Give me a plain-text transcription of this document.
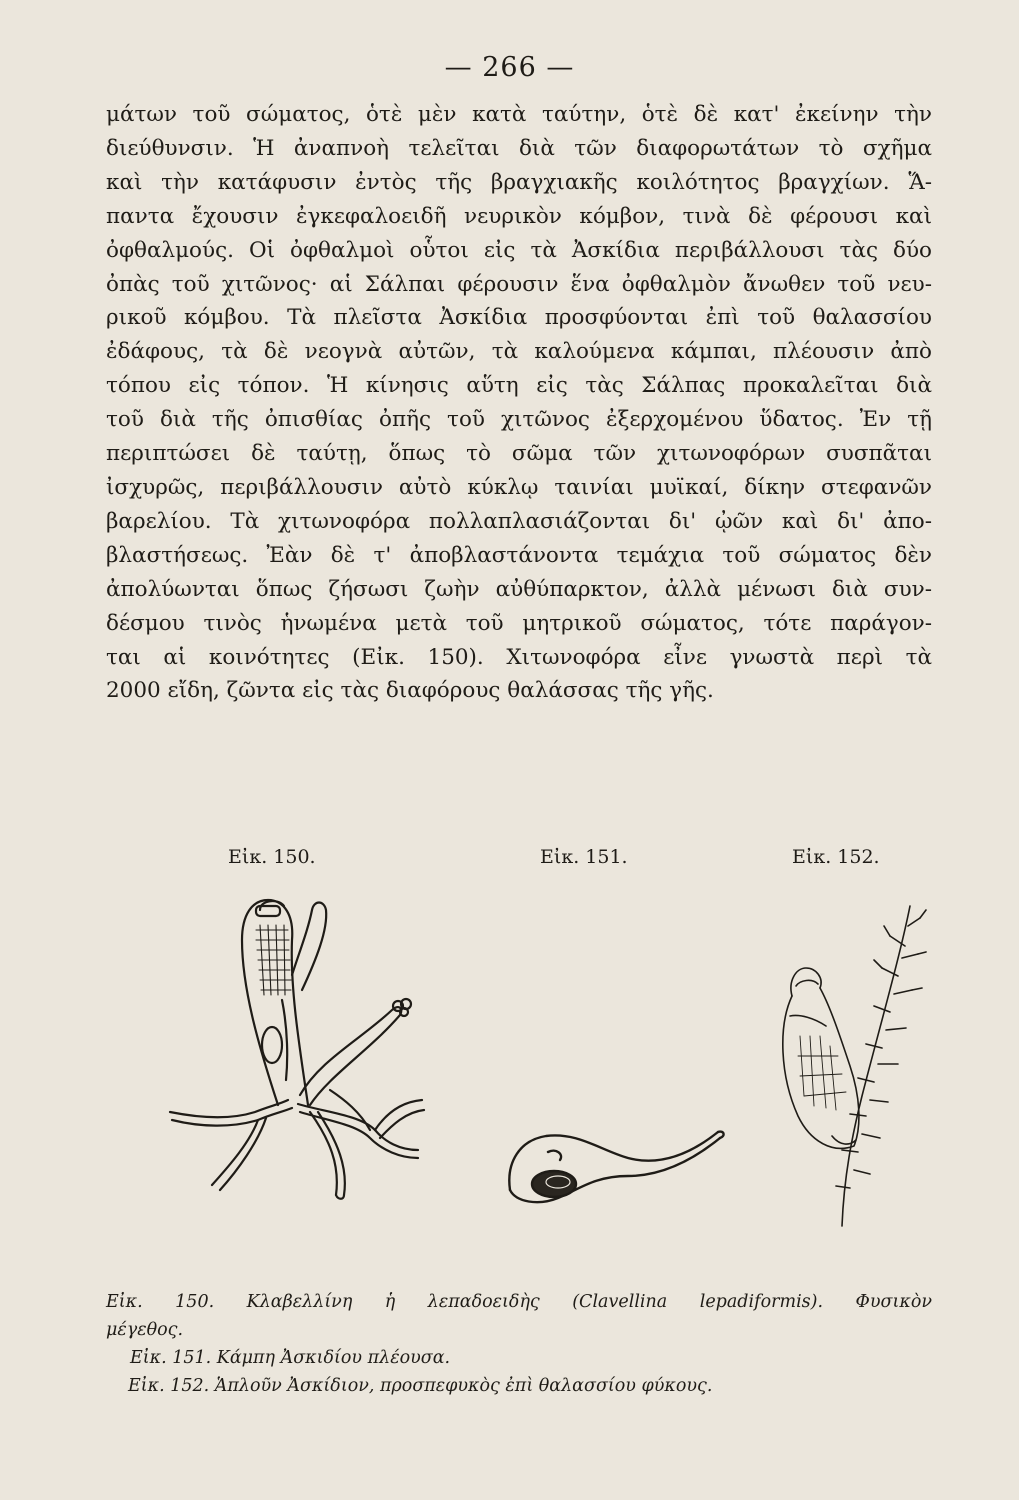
— 266 —
μάτων τοῦ σώματος, ὁτὲ μὲν κατὰ ταύτην, ὁτὲ δὲ κατ' ἐκείνην τὴν
διεύθυνσιν. Ἡ ἀναπνοὴ τελεῖται διὰ τῶν διαφορωτάτων τὸ σχῆμα
καὶ τὴν κατάφυσιν ἐντὸς τῆς βραγχιακῆς κοιλότητος βραγχίων. Ἅ-
παντα ἔχουσιν ἐγκεφαλοειδῆ νευρικὸν κόμβον, τινὰ δὲ φέρουσι καὶ
ὀφθαλμούς. Οἱ ὀφθαλμοὶ οὗτοι εἰς τὰ Ἀσκίδια περιβάλλουσι τὰς δύο
ὀπὰς τοῦ χιτῶνος· αἱ Σάλπαι φέρουσιν ἕνα ὀφθαλμὸν ἄνωθεν τοῦ νευ-
ρικοῦ κόμβου. Τὰ πλεῖστα Ἀσκίδια προσφύονται ἐπὶ τοῦ θαλασσίου
ἐδάφους, τὰ δὲ νεογνὰ αὐτῶν, τὰ καλούμενα κάμπαι, πλέουσιν ἀπὸ
τόπου εἰς τόπον. Ἡ κίνησις αὕτη εἰς τὰς Σάλπας προκαλεῖται διὰ
τοῦ διὰ τῆς ὀπισθίας ὀπῆς τοῦ χιτῶνος ἐξερχομένου ὕδατος. Ἐν τῇ
περιπτώσει δὲ ταύτῃ, ὅπως τὸ σῶμα τῶν χιτωνοφόρων συσπᾶται
ἰσχυρῶς, περιβάλλουσιν αὐτὸ κύκλῳ ταινίαι μυϊκαί, δίκην στεφανῶν
βαρελίου. Τὰ χιτωνοφόρα πολλαπλασιάζονται δι' ᾠῶν καὶ δι' ἀπο-
βλαστήσεως. Ἐὰν δὲ τ' ἀποβλαστάνοντα τεμάχια τοῦ σώματος δὲν
ἀπολύωνται ὅπως ζήσωσι ζωὴν αὐθύπαρκτον, ἀλλὰ μένωσι διὰ συν-
δέσμου τινὸς ἡνωμένα μετὰ τοῦ μητρικοῦ σώματος, τότε παράγον-
ται αἱ κοινότητες (Εἰκ. 150). Χιτωνοφόρα εἶνε γνωστὰ περὶ τὰ
2000 εἴδη, ζῶντα εἰς τὰς διαφόρους θαλάσσας τῆς γῆς.
Εἰκ. 150.	Εἰκ. 151.	Εἰκ. 152.
Εἰκ. 150. Κλαβελλίνη ἡ λεπαδοειδὴς (Clavellina lepadiformis). Φυσικὸν
μέγεθος.
Εἰκ. 151. Κάμπη Ἀσκιδίου πλέουσα.
Εἰκ. 152. Ἁπλοῦν Ἀσκίδιον, προσπεφυκὸς ἐπὶ θαλασσίου φύκους.
